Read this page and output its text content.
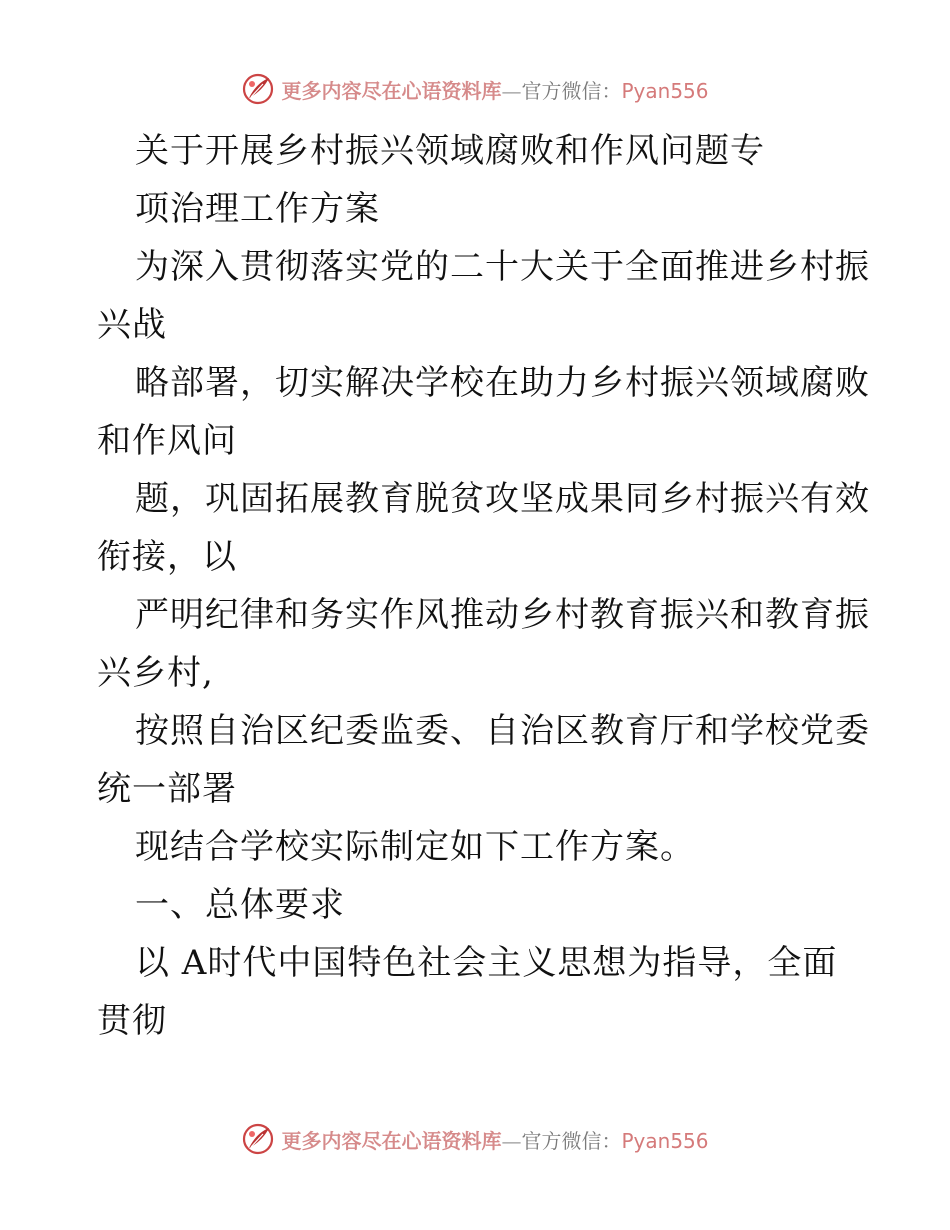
更多内容尽在心语资料库—官方微信：Pyan556
关于开展乡村振兴领域腐败和作风问题专
项治理工作方案
为深入贯彻落实党的二十大关于全面推进乡村振
兴战
略部署，切实解决学校在助力乡村振兴领域腐败
和作风问
题，巩固拓展教育脱贫攻坚成果同乡村振兴有效
衔接，以
严明纪律和务实作风推动乡村教育振兴和教育振
兴乡村,
按照自治区纪委监委、自治区教育厅和学校党委
统一部署
现结合学校实际制定如下工作方案。
一、总体要求
以 A时代中国特色社会主义思想为指导，全面
贯彻
更多内容尽在心语资料库—官方微信：Pyan556
